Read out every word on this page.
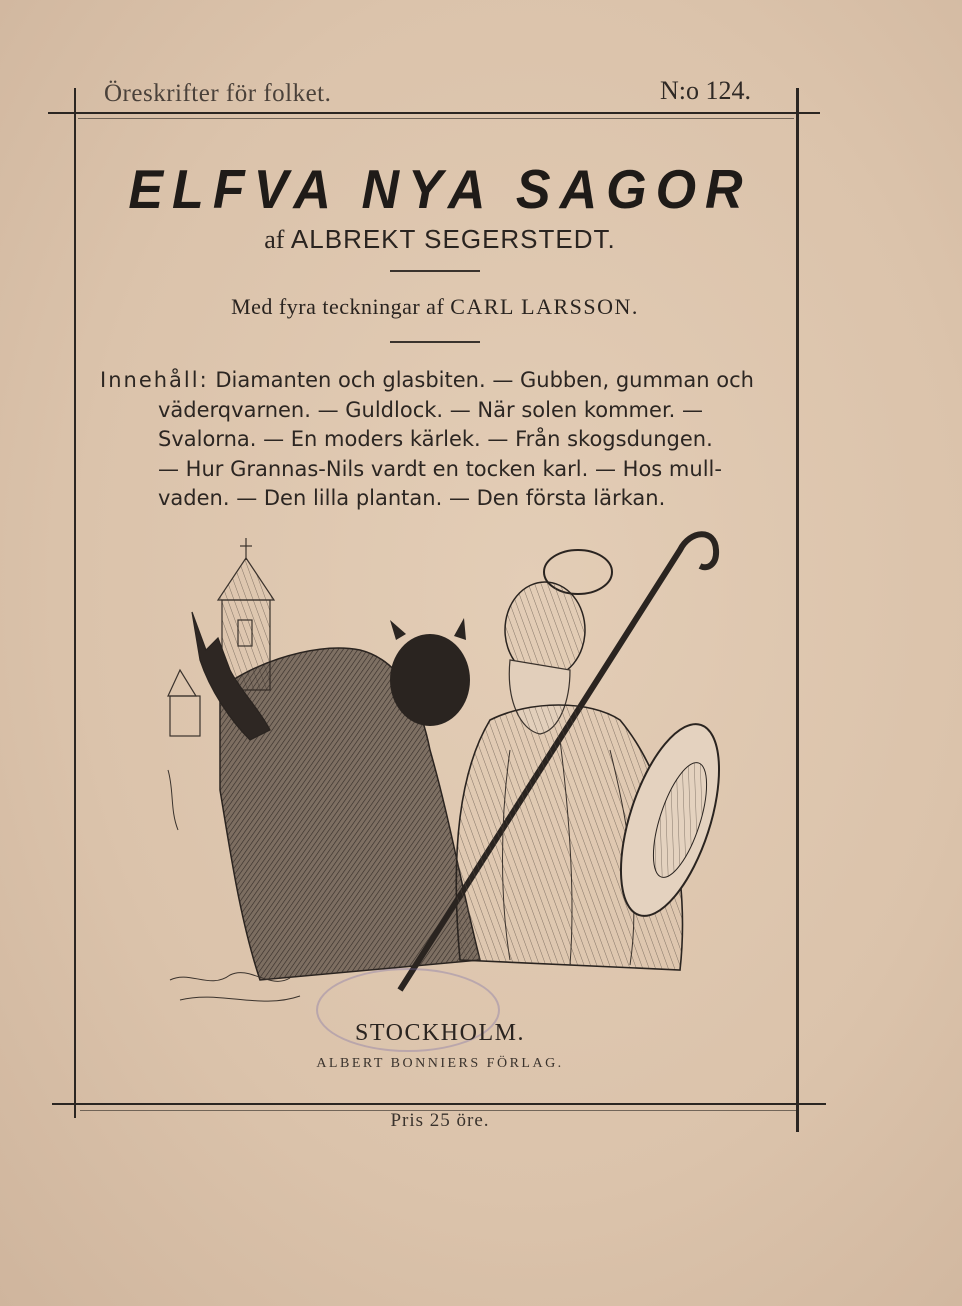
Öreskrifter för folket.	N:o 124.
ELFVA NYA SAGOR
af ALBREKT SEGERSTEDT.
Med fyra teckningar af CARL LARSSON.
Innehåll: Diamanten och glasbiten. — Gubben, gumman och
väderqvarnen. — Guldlock. — När solen kommer. —
Svalorna. — En moders kärlek. — Från skogsdungen.
— Hur Grannas-Nils vardt en tocken karl. — Hos mull-
vaden. — Den lilla plantan. — Den första lärkan.
STOCKHOLM.
ALBERT BONNIERS FÖRLAG.
Pris 25 öre.
